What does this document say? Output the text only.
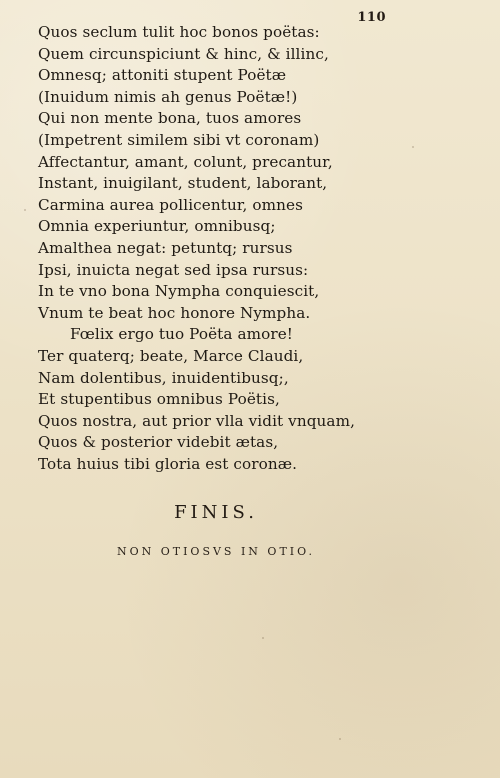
110
Quos seclum tulit hoc bonos poëtas:
Quem circunspiciunt & hinc, & illinc,
Omnesq; attoniti stupent Poëtæ
(Inuidum nimis ah genus Poëtæ!)
Qui non mente bona, tuos amores
(Impetrent similem sibi vt coronam)
Affectantur, amant, colunt, precantur,
Instant, inuigilant, student, laborant,
Carmina aurea pollicentur, omnes
Omnia experiuntur, omnibusq;
Amalthea negat: petuntq; rursus
Ipsi, inuicta negat sed ipsa rursus:
In te vno bona Nympha conquiescit,
Vnum te beat hoc honore Nympha.
Fœlix ergo tuo Poëta amore!
Ter quaterq; beate, Marce Claudi,
Nam dolentibus, inuidentibusq;,
Et stupentibus omnibus Poëtis,
Quos nostra, aut prior vlla vidit vnquam,
Quos & posterior videbit ætas,
Tota huius tibi gloria est coronæ.
FINIS.
NON OTIOSVS IN OTIO.
